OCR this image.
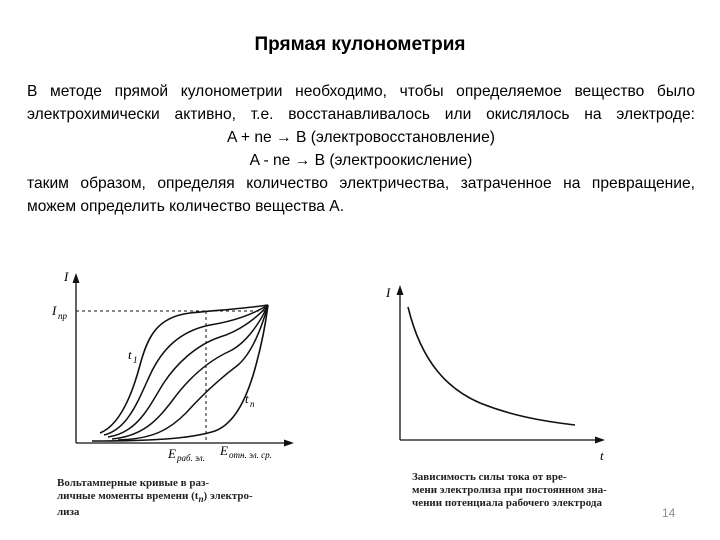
Прямая кулонометрия
В методе прямой кулонометрии необходимо, чтобы определяемое вещество было
электрохимически активно, т.е. восстанавливалось или окислялось на электроде:
A + ne → B (электровосстановление)
A - ne → B (электроокисление)
таким образом, определяя количество электричества, затраченное на превращение,
можем определить количество вещества А.
I
I пр
t 1
t n
E раб. эл. E отн. эл. ср.
Вольтамперные кривые в раз-
личные моменты времени $(t_п)$ электро-
лиза
I
t
Зависимость силы тока от вре-
мени электролиза при постоянном зна-
чении потенциала рабочего электрода
14
